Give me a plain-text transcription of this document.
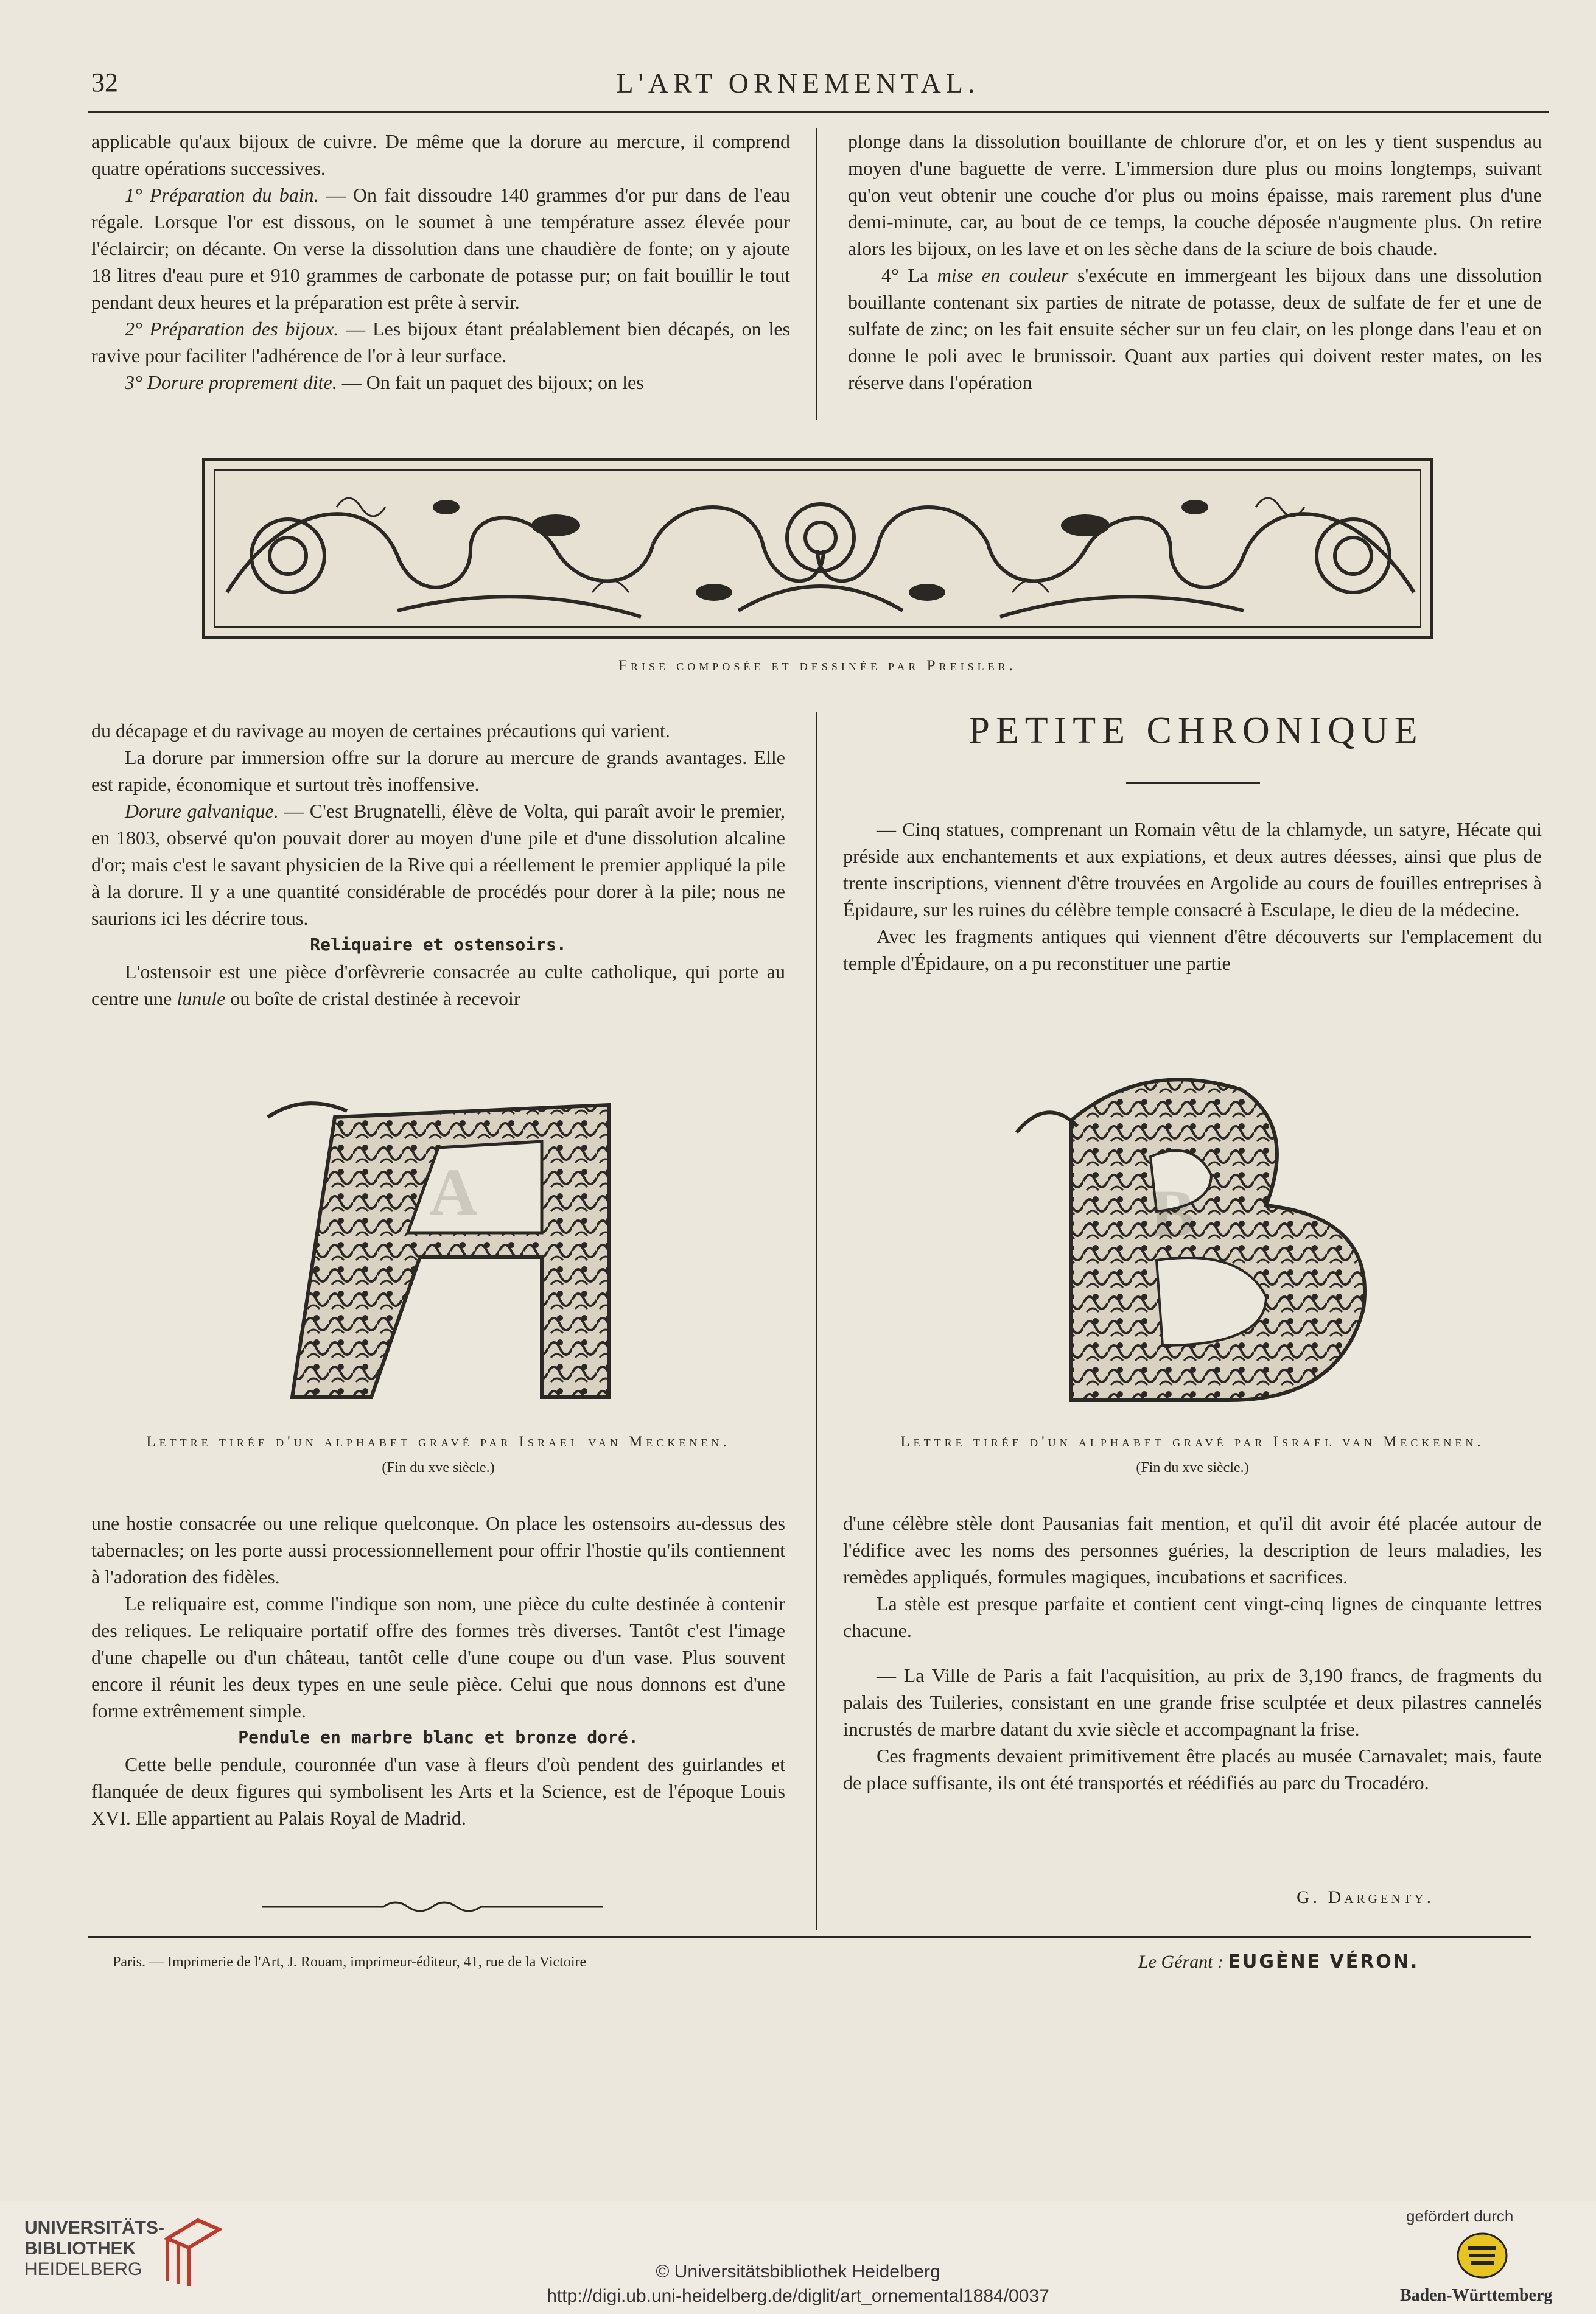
32	L'ART ORNEMENTAL.

applicable qu'aux bijoux de cuivre. De même que la dorure au mercure, il comprend quatre opérations successives.

1° Préparation du bain. — On fait dissoudre 140 grammes d'or pur dans de l'eau régale. Lorsque l'or est dissous, on le soumet à une température assez élevée pour l'éclaircir; on décante. On verse la dissolution dans une chaudière de fonte; on y ajoute 18 litres d'eau pure et 910 grammes de carbonate de potasse pur; on fait bouillir le tout pendant deux heures et la préparation est prête à servir.

2° Préparation des bijoux. — Les bijoux étant préalablement bien décapés, on les ravive pour faciliter l'adhérence de l'or à leur surface.

3° Dorure proprement dite. — On fait un paquet des bijoux; on les

plonge dans la dissolution bouillante de chlorure d'or, et on les y tient suspendus au moyen d'une baguette de verre. L'immersion dure plus ou moins longtemps, suivant qu'on veut obtenir une couche d'or plus ou moins épaisse, mais rarement plus d'une demi-minute, car, au bout de ce temps, la couche déposée n'augmente plus. On retire alors les bijoux, on les lave et on les sèche dans de la sciure de bois chaude.

4° La mise en couleur s'exécute en immergeant les bijoux dans une dissolution bouillante contenant six parties de nitrate de potasse, deux de sulfate de fer et une de sulfate de zinc; on les fait ensuite sécher sur un feu clair, on les plonge dans l'eau et on donne le poli avec le brunissoir. Quant aux parties qui doivent rester mates, on les réserve dans l'opération

Frise composée et dessinée par Preisler.

du décapage et du ravivage au moyen de certaines précautions qui varient.

La dorure par immersion offre sur la dorure au mercure de grands avantages. Elle est rapide, économique et surtout très inoffensive.

Dorure galvanique. — C'est Brugnatelli, élève de Volta, qui paraît avoir le premier, en 1803, observé qu'on pouvait dorer au moyen d'une pile et d'une dissolution alcaline d'or; mais c'est le savant physicien de la Rive qui a réellement le premier appliqué la pile à la dorure. Il y a une quantité considérable de procédés pour dorer à la pile; nous ne saurions ici les décrire tous.

Reliquaire et ostensoirs.

L'ostensoir est une pièce d'orfèvrerie consacrée au culte catholique, qui porte au centre une lunule ou boîte de cristal destinée à recevoir

PETITE CHRONIQUE

— Cinq statues, comprenant un Romain vêtu de la chlamyde, un satyre, Hécate qui préside aux enchantements et aux expiations, et deux autres déesses, ainsi que plus de trente inscriptions, viennent d'être trouvées en Argolide au cours de fouilles entreprises à Épidaure, sur les ruines du célèbre temple consacré à Esculape, le dieu de la médecine.

Avec les fragments antiques qui viennent d'être découverts sur l'emplacement du temple d'Épidaure, on a pu reconstituer une partie

A
Lettre tirée d'un alphabet gravé par Israel van Meckenen.
(Fin du xve siècle.)
B
Lettre tirée d'un alphabet gravé par Israel van Meckenen.
(Fin du xve siècle.)

une hostie consacrée ou une relique quelconque. On place les ostensoirs au-dessus des tabernacles; on les porte aussi processionnellement pour offrir l'hostie qu'ils contiennent à l'adoration des fidèles.

Le reliquaire est, comme l'indique son nom, une pièce du culte destinée à contenir des reliques. Le reliquaire portatif offre des formes très diverses. Tantôt c'est l'image d'une chapelle ou d'un château, tantôt celle d'une coupe ou d'un vase. Plus souvent encore il réunit les deux types en une seule pièce. Celui que nous donnons est d'une forme extrêmement simple.

Pendule en marbre blanc et bronze doré.

Cette belle pendule, couronnée d'un vase à fleurs d'où pendent des guirlandes et flanquée de deux figures qui symbolisent les Arts et la Science, est de l'époque Louis XVI. Elle appartient au Palais Royal de Madrid.

d'une célèbre stèle dont Pausanias fait mention, et qu'il dit avoir été placée autour de l'édifice avec les noms des personnes guéries, la description de leurs maladies, les remèdes appliqués, formules magiques, incubations et sacrifices.

La stèle est presque parfaite et contient cent vingt-cinq lignes de cinquante lettres chacune.

— La Ville de Paris a fait l'acquisition, au prix de 3,190 francs, de fragments du palais des Tuileries, consistant en une grande frise sculptée et deux pilastres cannelés incrustés de marbre datant du xvie siècle et accompagnant la frise.

Ces fragments devaient primitivement être placés au musée Carnavalet; mais, faute de place suffisante, ils ont été transportés et réédifiés au parc du Trocadéro.

G. Dargenty.
Paris. — Imprimerie de l'Art, J. Rouam, imprimeur-éditeur, 41, rue de la Victoire	Le Gérant : EUGÈNE VÉRON.
UNIVERSITÄTS-
BIBLIOTHEK
HEIDELBERG	© Universitätsbibliothek Heidelberg
http://digi.ub.uni-heidelberg.de/diglit/art_ornemental1884/0037
gefördert durch
Baden-Württemberg
